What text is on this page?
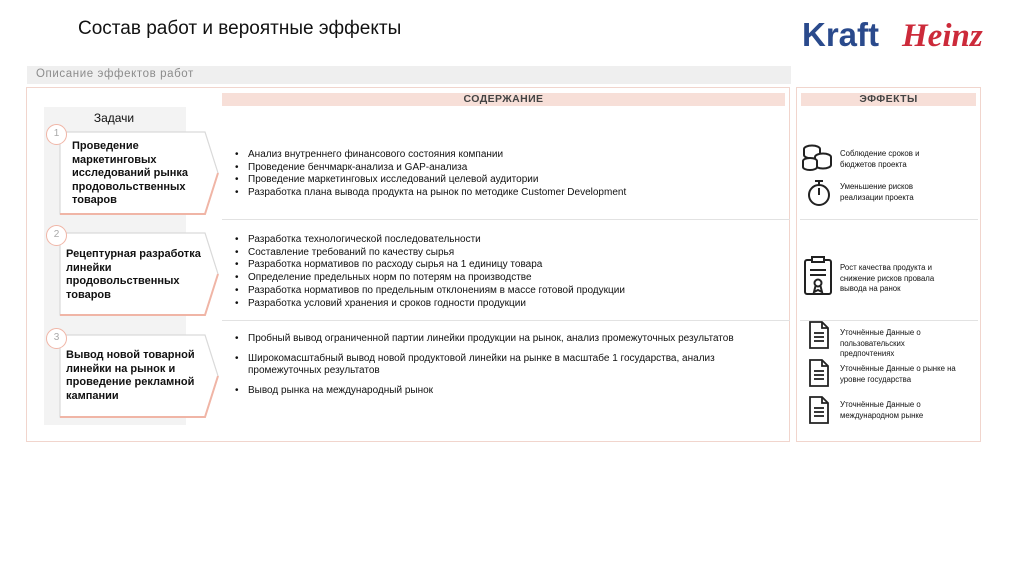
Состав работ и вероятные эффекты	Kraft Heinz
Описание эффектов работ
СОДЕРЖАНИЕ	ЭФФЕКТЫ
Задачи
1
2
3
Проведение маркетинговых исследований рынка продовольственных товаров
Рецептурная разработка линейки продовольственных товаров
Вывод новой товарной линейки на рынок и проведение рекламной кампании
• Анализ внутреннего финансового состояния компании
• Проведение бенчмарк-анализа и GAP-анализа
• Проведение маркетинговых исследований целевой аудитории
• Разработка плана вывода продукта на рынок по методике Customer Development
• Разработка технологической последовательности
• Составление требований по качеству сырья
• Разработка нормативов по расходу сырья на 1 единицу товара
• Определение предельных норм по потерям на производстве
• Разработка нормативов по предельным отклонениям в массе готовой продукции
• Разработка условий хранения и сроков годности продукции
• Пробный вывод ограниченной партии линейки продукции на рынок, анализ промежуточных результатов
• Широкомасштабный вывод новой продуктовой линейки на рынке в масштабе 1 государства, анализ промежуточных результатов
• Вывод рынка на международный рынок
Соблюдение сроков и бюджетов проекта
Уменьшение рисков реализации проекта
Рост качества продукта и снижение рисков провала вывода на ранок
Уточнённые Данные о пользовательских предпочтениях
Уточнённые Данные о рынке на уровне государства
Уточнённые Данные о международном рынке
